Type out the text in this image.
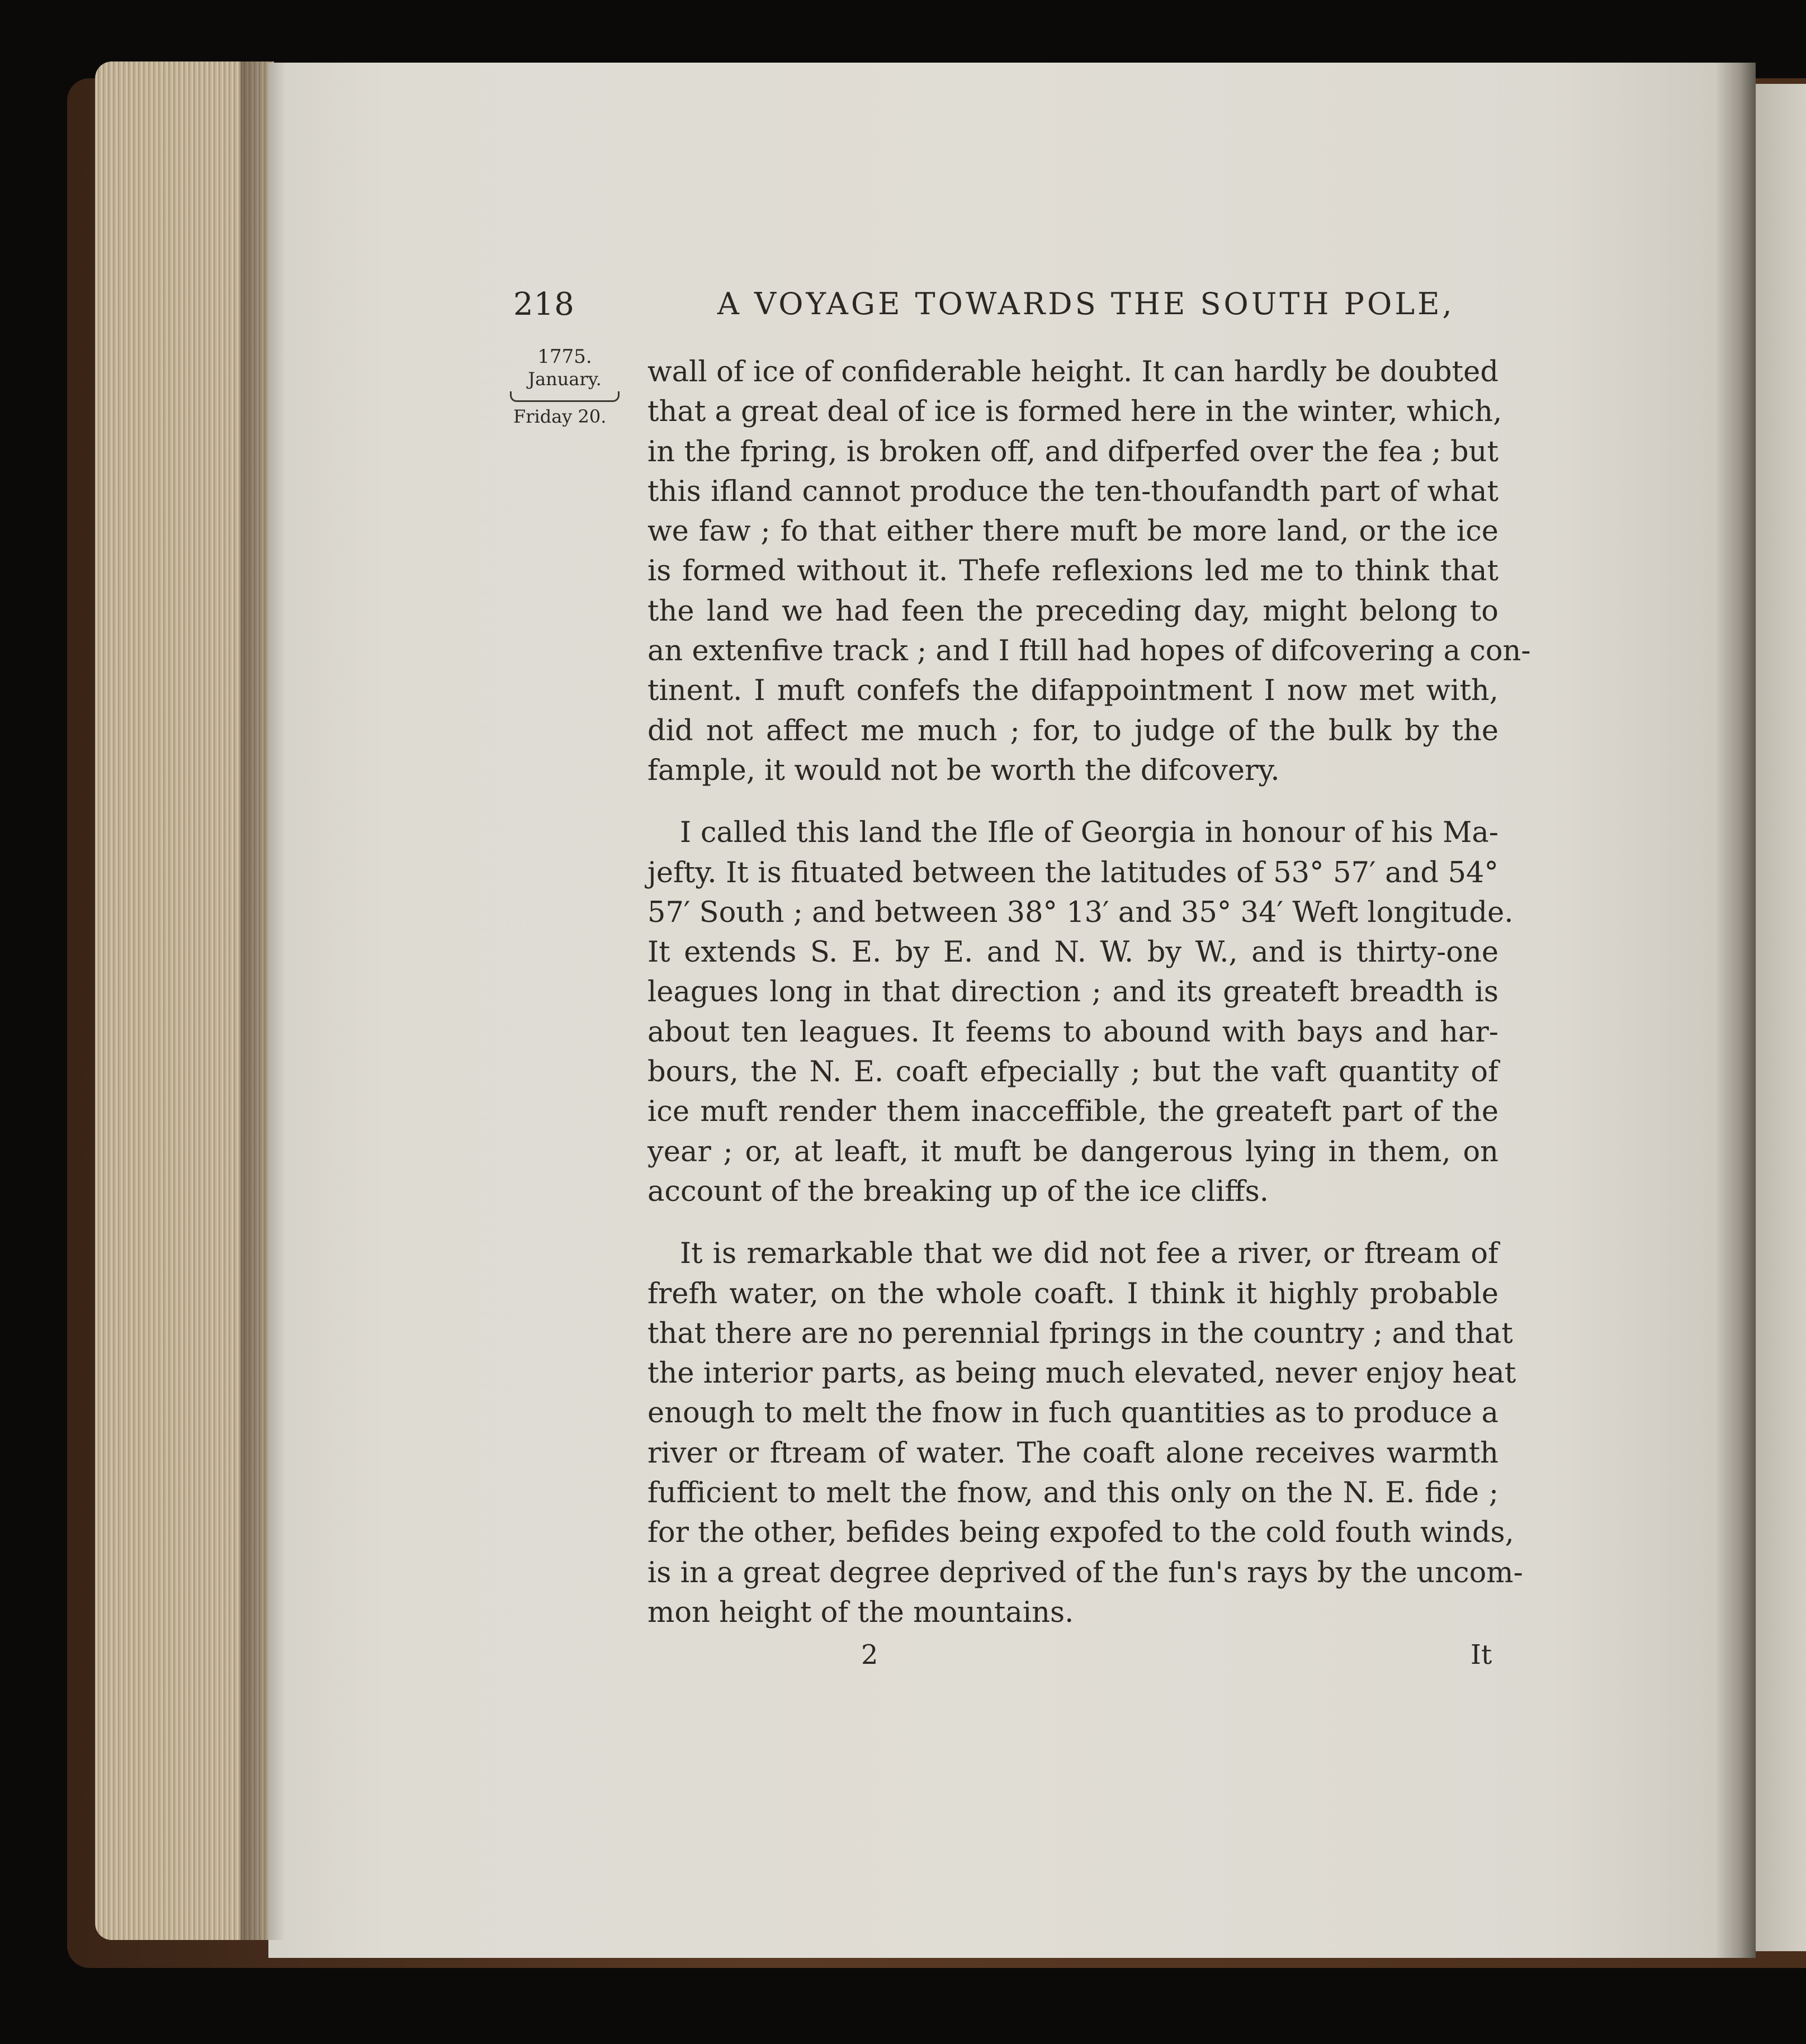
218	A VOYAGE TOWARDS THE SOUTH POLE,
1775.
January.
Friday 20.
wall of ice of confiderable height. It can hardly be doubted
that a great deal of ice is formed here in the winter, which,
in the fpring, is broken off, and difperfed over the fea ; but
this ifland cannot produce the ten-thoufandth part of what
we faw ; fo that either there muft be more land, or the ice
is formed without it. Thefe reflexions led me to think that
the land we had feen the preceding day, might belong to
an extenfive track ; and I ftill had hopes of difcovering a con-
tinent. I muft confefs the difappointment I now met with,
did not affect me much ; for, to judge of the bulk by the
fample, it would not be worth the difcovery.
I called this land the Ifle of Georgia in honour of his Ma-
jefty. It is fituated between the latitudes of 53° 57′ and 54°
57′ South ; and between 38° 13′ and 35° 34′ Weft longitude.
It extends S. E. by E. and N. W. by W., and is thirty-one
leagues long in that direction ; and its greateft breadth is
about ten leagues. It feems to abound with bays and har-
bours, the N. E. coaft efpecially ; but the vaft quantity of
ice muft render them inacceffible, the greateft part of the
year ; or, at leaft, it muft be dangerous lying in them, on
account of the breaking up of the ice cliffs.
It is remarkable that we did not fee a river, or ftream of
frefh water, on the whole coaft. I think it highly probable
that there are no perennial fprings in the country ; and that
the interior parts, as being much elevated, never enjoy heat
enough to melt the fnow in fuch quantities as to produce a
river or ftream of water. The coaft alone receives warmth
fufficient to melt the fnow, and this only on the N. E. fide ;
for the other, befides being expofed to the cold fouth winds,
is in a great degree deprived of the fun's rays by the uncom-
mon height of the mountains.
2	It
